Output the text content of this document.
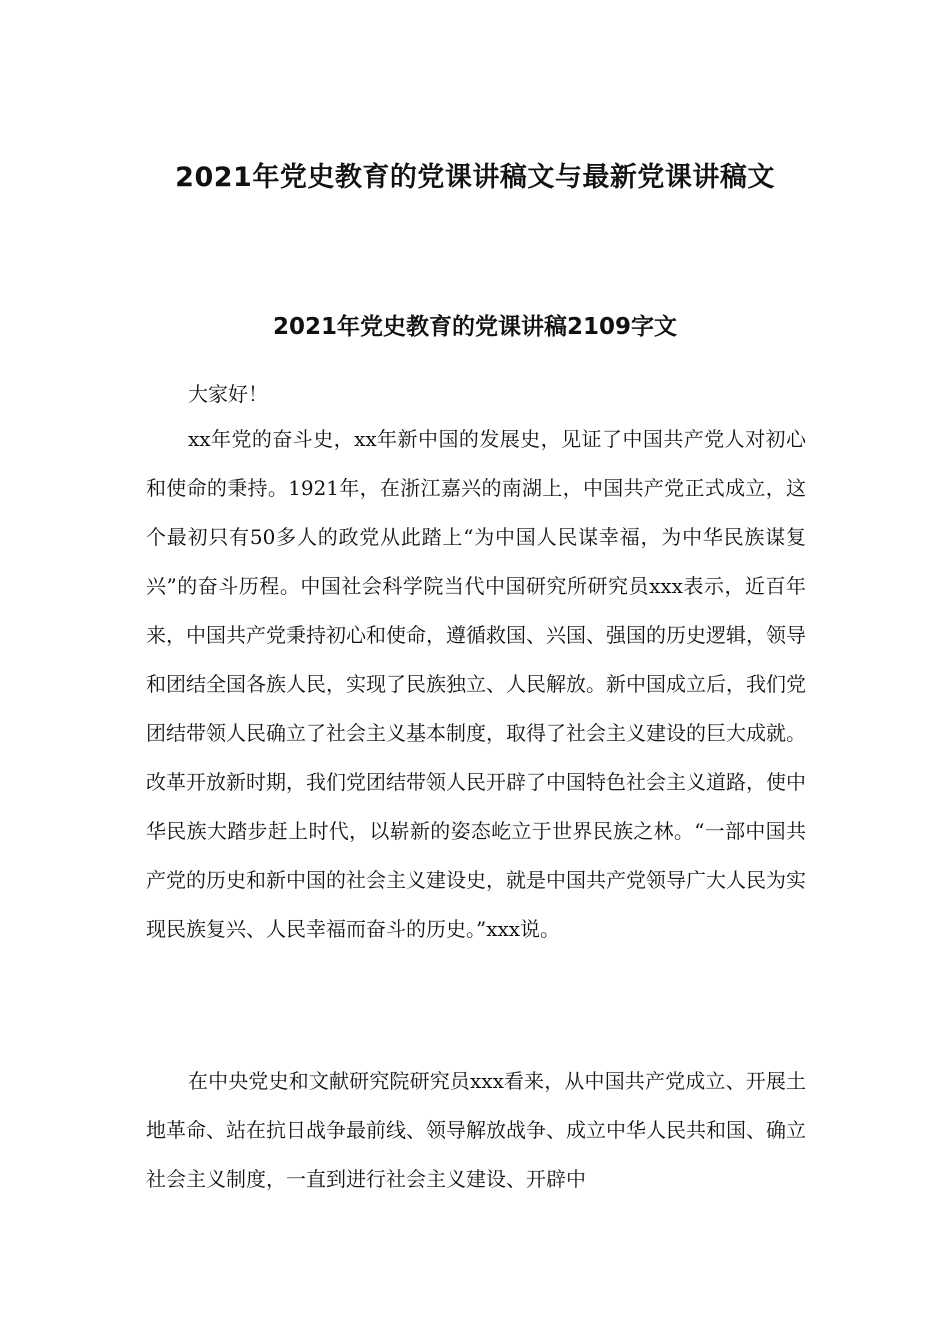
2021年党史教育的党课讲稿文与最新党课讲稿文
2021年党史教育的党课讲稿2109字文
大家好！
xx年党的奋斗史，xx年新中国的发展史，见证了中国共产党人对初心和使命的秉持。1921年，在浙江嘉兴的南湖上，中国共产党正式成立，这个最初只有50多人的政党从此踏上“为中国人民谋幸福，为中华民族谋复兴”的奋斗历程。中国社会科学院当代中国研究所研究员xxx表示，近百年来，中国共产党秉持初心和使命，遵循救国、兴国、强国的历史逻辑，领导和团结全国各族人民，实现了民族独立、人民解放。新中国成立后，我们党团结带领人民确立了社会主义基本制度，取得了社会主义建设的巨大成就。改革开放新时期，我们党团结带领人民开辟了中国特色社会主义道路，使中华民族大踏步赶上时代，以崭新的姿态屹立于世界民族之林。“一部中国共产党的历史和新中国的社会主义建设史，就是中国共产党领导广大人民为实现民族复兴、人民幸福而奋斗的历史。”xxx说。
在中央党史和文献研究院研究员xxx看来，从中国共产党成立、开展土地革命、站在抗日战争最前线、领导解放战争、成立中华人民共和国、确立社会主义制度，一直到进行社会主义建设、开辟中
